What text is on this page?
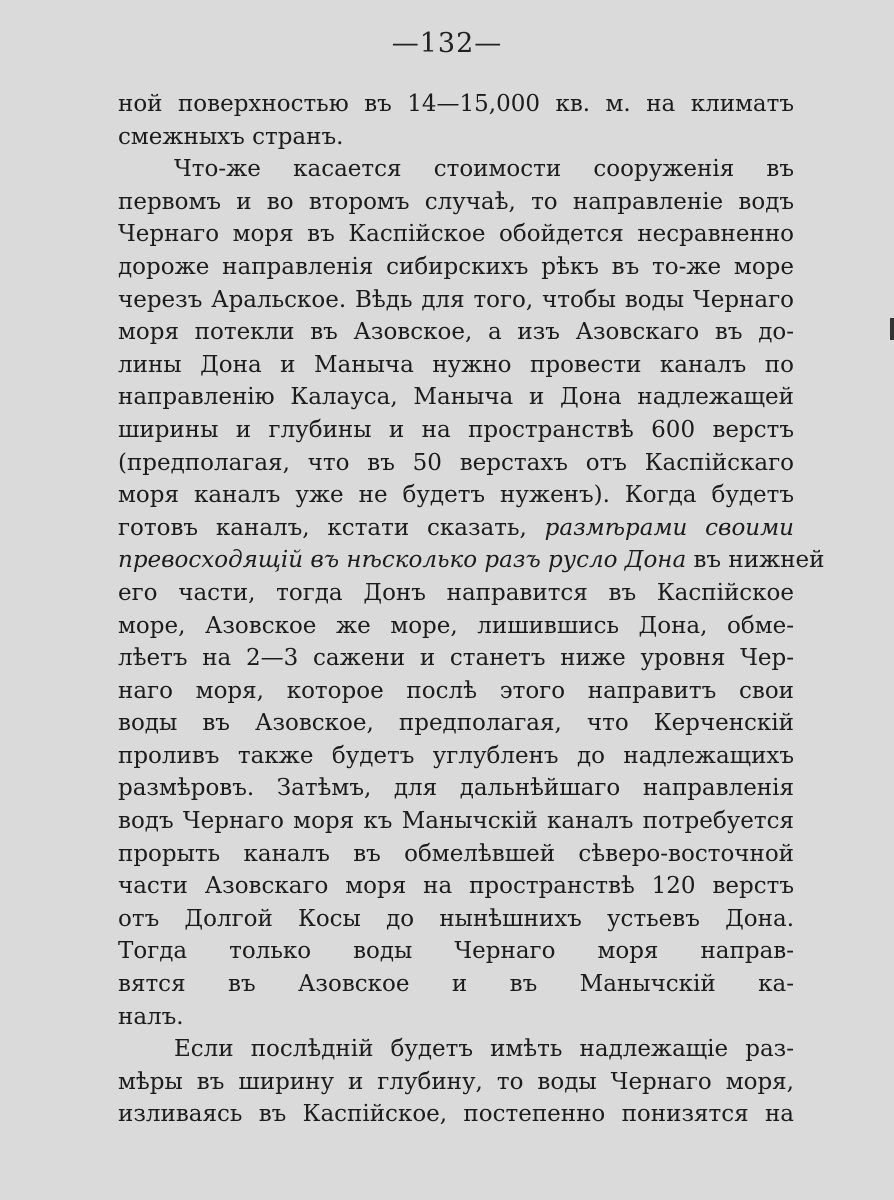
—132—
ной поверхностью въ 14—15,000 кв. м. на климатъ
смежныхъ странъ.
Что-же касается стоимости сооруженія въ
первомъ и во второмъ случаѣ, то направленіе водъ
Чернаго моря въ Каспійское обойдется несравненно
дороже направленія сибирскихъ рѣкъ въ то-же море
черезъ Аральское. Вѣдь для того, чтобы воды Чернаго
моря потекли въ Азовское, а изъ Азовскаго въ до-
лины Дона и Маныча нужно провести каналъ по
направленію Калауса, Маныча и Дона надлежащей
ширины и глубины и на пространствѣ 600 верстъ
(предполагая, что въ 50 верстахъ отъ Каспійскаго
моря каналъ уже не будетъ нуженъ). Когда будетъ
готовъ каналъ, кстати сказать, размѣрами своими
превосходящій въ нѣсколько разъ русло Дона въ нижней
его части, тогда Донъ направится въ Каспійское
море, Азовское же море, лишившись Дона, обме-
лѣетъ на 2—3 сажени и станетъ ниже уровня Чер-
наго моря, которое послѣ этого направитъ свои
воды въ Азовское, предполагая, что Керченскій
проливъ также будетъ углубленъ до надлежащихъ
размѣровъ. Затѣмъ, для дальнѣйшаго направленія
водъ Чернаго моря къ Манычскій каналъ потребуется
прорыть каналъ въ обмелѣвшей сѣверо-восточной
части Азовскаго моря на пространствѣ 120 верстъ
отъ Долгой Косы до нынѣшнихъ устьевъ Дона.
Тогда только воды Чернаго моря направ-
вятся въ Азовское и въ Манычскій ка-
налъ.
Если послѣдній будетъ имѣть надлежащіе раз-
мѣры въ ширину и глубину, то воды Чернаго моря,
изливаясь въ Каспійское, постепенно понизятся на
